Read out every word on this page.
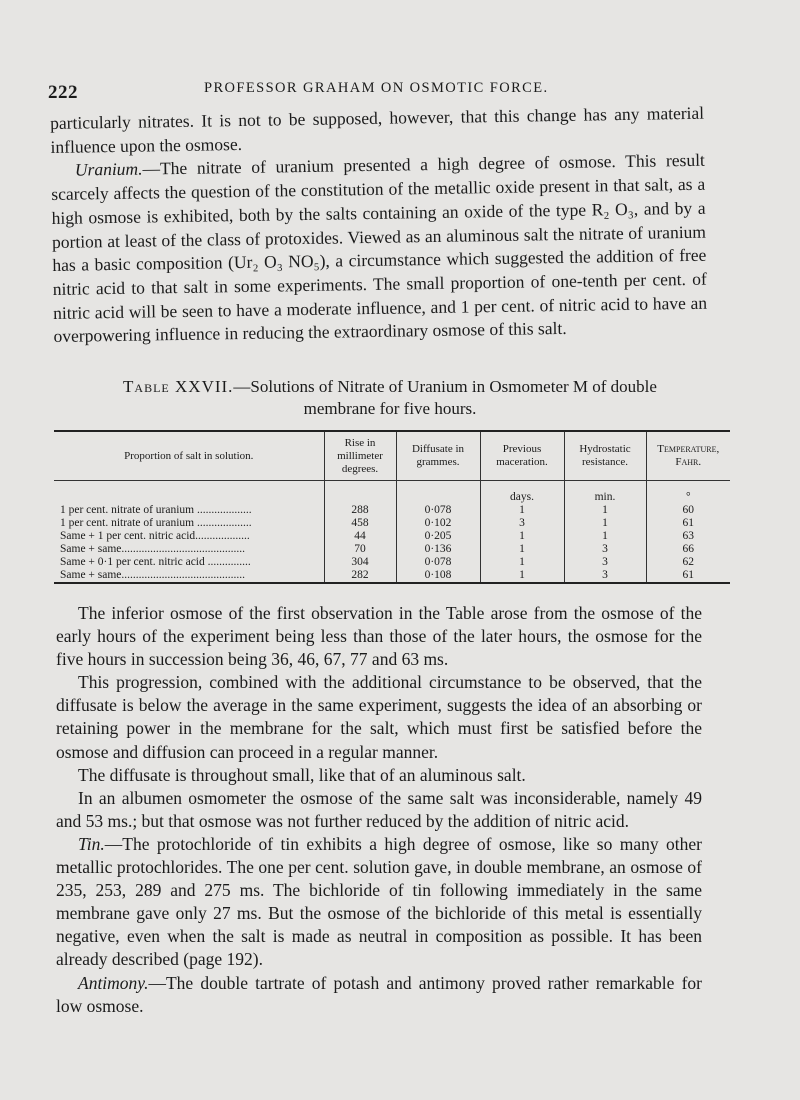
222	PROFESSOR GRAHAM ON OSMOTIC FORCE.

particularly nitrates. It is not to be supposed, however, that this change has any material influence upon the osmose.

Uranium.—The nitrate of uranium presented a high degree of osmose. This result scarcely affects the question of the constitution of the metallic oxide present in that salt, as a high osmose is exhibited, both by the salts containing an oxide of the type R₂ O₃, and by a portion at least of the class of protoxides. Viewed as an aluminous salt the nitrate of uranium has a basic composition (Ur₂ O₃ NO₅), a circumstance which suggested the addition of free nitric acid to that salt in some experiments. The small proportion of one-tenth per cent. of nitric acid will be seen to have a moderate influence, and 1 per cent. of nitric acid to have an overpowering influence in reducing the extraordinary osmose of this salt.

Table XXVII.—Solutions of Nitrate of Uranium in Osmometer M of double
membrane for five hours.
Proportion of salt in solution.	Rise in millimeter degrees.	Diffusate in grammes.	Previous maceration.	Hydrostatic resistance.	Temperature, Fahr.
			days.	min.	°
1 per cent. nitrate of uranium ...................	288	0·078	1	1	60
1 per cent. nitrate of uranium ...................	458	0·102	3	1	61
Same + 1 per cent. nitric acid...................	44	0·205	1	1	63
Same + same...........................................	70	0·136	1	3	66
Same + 0·1 per cent. nitric acid ...............	304	0·078	1	3	62
Same + same...........................................	282	0·108	1	3	61

The inferior osmose of the first observation in the Table arose from the osmose of the early hours of the experiment being less than those of the later hours, the osmose for the five hours in succession being 36, 46, 67, 77 and 63 ms.

This progression, combined with the additional circumstance to be observed, that the diffusate is below the average in the same experiment, suggests the idea of an absorbing or retaining power in the membrane for the salt, which must first be satisfied before the osmose and diffusion can proceed in a regular manner.

The diffusate is throughout small, like that of an aluminous salt.

In an albumen osmometer the osmose of the same salt was inconsiderable, namely 49 and 53 ms.; but that osmose was not further reduced by the addition of nitric acid.

Tin.—The protochloride of tin exhibits a high degree of osmose, like so many other metallic protochlorides. The one per cent. solution gave, in double membrane, an osmose of 235, 253, 289 and 275 ms. The bichloride of tin following immediately in the same membrane gave only 27 ms. But the osmose of the bichloride of this metal is essentially negative, even when the salt is made as neutral in composition as possible. It has been already described (page 192).

Antimony.—The double tartrate of potash and antimony proved rather remarkable for low osmose.
